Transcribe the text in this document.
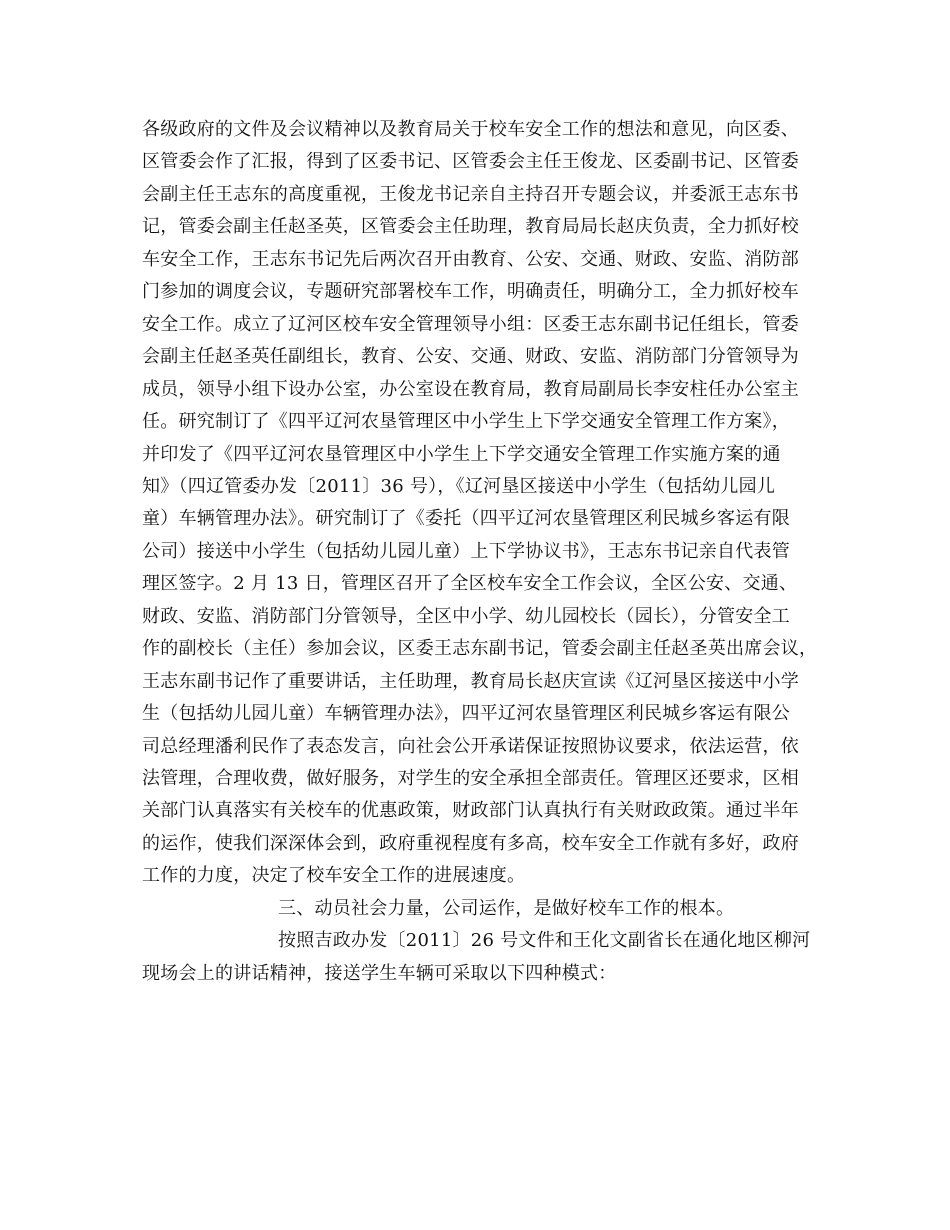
各级政府的文件及会议精神以及教育局关于校车安全工作的想法和意见，向区委、
区管委会作了汇报，得到了区委书记、区管委会主任王俊龙、区委副书记、区管委
会副主任王志东的高度重视，王俊龙书记亲自主持召开专题会议，并委派王志东书
记，管委会副主任赵圣英，区管委会主任助理，教育局局长赵庆负责，全力抓好校
车安全工作，王志东书记先后两次召开由教育、公安、交通、财政、安监、消防部
门参加的调度会议，专题研究部署校车工作，明确责任，明确分工，全力抓好校车
安全工作。成立了辽河区校车安全管理领导小组：区委王志东副书记任组长，管委
会副主任赵圣英任副组长，教育、公安、交通、财政、安监、消防部门分管领导为
成员，领导小组下设办公室，办公室设在教育局，教育局副局长李安柱任办公室主
任。研究制订了《四平辽河农垦管理区中小学生上下学交通安全管理工作方案》，
并印发了《四平辽河农垦管理区中小学生上下学交通安全管理工作实施方案的通
知》（四辽管委办发〔2011〕36 号），《辽河垦区接送中小学生（包括幼儿园儿
童）车辆管理办法》。研究制订了《委托（四平辽河农垦管理区利民城乡客运有限
公司）接送中小学生（包括幼儿园儿童）上下学协议书》，王志东书记亲自代表管
理区签字。2 月 13 日，管理区召开了全区校车安全工作会议，全区公安、交通、
财政、安监、消防部门分管领导，全区中小学、幼儿园校长（园长），分管安全工
作的副校长（主任）参加会议，区委王志东副书记，管委会副主任赵圣英出席会议，
王志东副书记作了重要讲话，主任助理，教育局长赵庆宣读《辽河垦区接送中小学
生（包括幼儿园儿童）车辆管理办法》，四平辽河农垦管理区利民城乡客运有限公
司总经理潘利民作了表态发言，向社会公开承诺保证按照协议要求，依法运营，依
法管理，合理收费，做好服务，对学生的安全承担全部责任。管理区还要求，区相
关部门认真落实有关校车的优惠政策，财政部门认真执行有关财政政策。通过半年
的运作，使我们深深体会到，政府重视程度有多高，校车安全工作就有多好，政府
工作的力度，决定了校车安全工作的进展速度。
三、动员社会力量，公司运作，是做好校车工作的根本。
按照吉政办发〔2011〕26 号文件和王化文副省长在通化地区柳河
现场会上的讲话精神，接送学生车辆可采取以下四种模式：
